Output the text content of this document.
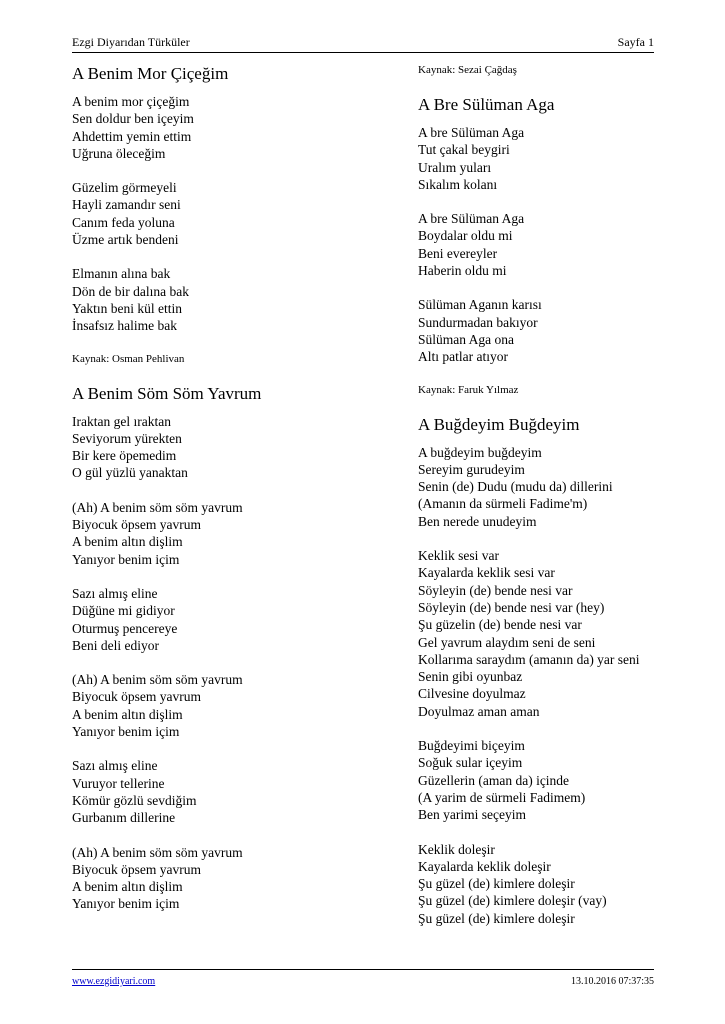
Ezgi Diyarıdan Türküler	Sayfa 1
A Benim Mor Çiçeğim
A benim mor çiçeğim
Sen doldur ben içeyim
Ahdettim yemin ettim
Uğruna öleceğim
Güzelim görmeyeli
Hayli zamandır seni
Canım feda yoluna
Üzme artık bendeni
Elmanın alına bak
Dön de bir dalına bak
Yaktın beni kül ettin
İnsafsız halime bak
Kaynak: Osman Pehlivan
A Benim Söm Söm Yavrum
Iraktan gel ıraktan
Seviyorum yürekten
Bir kere öpemedim
O gül yüzlü yanaktan
(Ah) A benim söm söm yavrum
Biyocuk öpsem yavrum
A benim altın dişlim
Yanıyor benim içim
Sazı almış eline
Düğüne mi gidiyor
Oturmuş pencereye
Beni deli ediyor
(Ah) A benim söm söm yavrum
Biyocuk öpsem yavrum
A benim altın dişlim
Yanıyor benim içim
Sazı almış eline
Vuruyor tellerine
Kömür gözlü sevdiğim
Gurbanım dillerine
(Ah) A benim söm söm yavrum
Biyocuk öpsem yavrum
A benim altın dişlim
Yanıyor benim içim
Kaynak: Sezai Çağdaş
A Bre Sülüman Aga
A bre Sülüman Aga
Tut çakal beygiri
Uralım yuları
Sıkalım kolanı
A bre Sülüman Aga
Boydalar oldu mi
Beni evereyler
Haberin oldu mi
Sülüman Aganın karısı
Sundurmadan bakıyor
Sülüman Aga ona
Altı patlar atıyor
Kaynak: Faruk Yılmaz
A Buğdeyim Buğdeyim
A buğdeyim buğdeyim
Sereyim gurudeyim
Senin (de) Dudu (mudu da) dillerini
(Amanın da sürmeli Fadime'm)
Ben nerede unudeyim
Keklik sesi var
Kayalarda keklik sesi var
Söyleyin (de) bende nesi var
Söyleyin (de) bende nesi var (hey)
Şu güzelin (de) bende nesi var
Gel yavrum alaydım seni de seni
Kollarıma saraydım (amanın da) yar seni
Senin gibi oyunbaz
Cilvesine doyulmaz
Doyulmaz aman aman
Buğdeyimi biçeyim
Soğuk sular içeyim
Güzellerin (aman da) içinde
(A yarim de sürmeli Fadimem)
Ben yarimi seçeyim
Keklik doleşir
Kayalarda keklik doleşir
Şu güzel (de) kimlere doleşir
Şu güzel (de) kimlere doleşir (vay)
Şu güzel (de) kimlere doleşir
www.ezgidiyari.com	13.10.2016 07:37:35
